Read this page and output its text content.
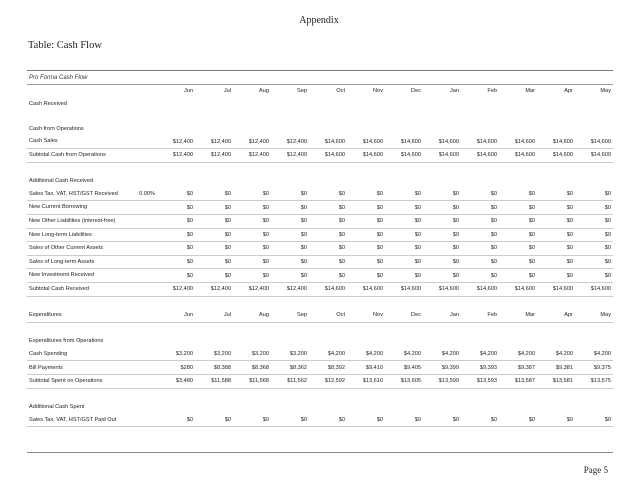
Appendix
Table: Cash Flow
Pro Forma Cash Flow
		Jun	Jul	Aug	Sep	Oct	Nov	Dec	Jan	Feb	Mar	Apr	May
Cash Received													

Cash from Operations													
Cash Sales		$12,400	$12,400	$12,400	$12,400	$14,600	$14,600	$14,600	$14,600	$14,600	$14,600	$14,600	$14,600
Subtotal Cash from Operations		$12,400	$12,400	$12,400	$12,400	$14,600	$14,600	$14,600	$14,600	$14,600	$14,600	$14,600	$14,600

Additional Cash Received													
Sales Tax, VAT, HST/GST Received	0.00%	$0	$0	$0	$0	$0	$0	$0	$0	$0	$0	$0	$0
New Current Borrowing		$0	$0	$0	$0	$0	$0	$0	$0	$0	$0	$0	$0
New Other Liabilities (interest-free)		$0	$0	$0	$0	$0	$0	$0	$0	$0	$0	$0	$0
New Long-term Liabilities		$0	$0	$0	$0	$0	$0	$0	$0	$0	$0	$0	$0
Sales of Other Current Assets		$0	$0	$0	$0	$0	$0	$0	$0	$0	$0	$0	$0
Sales of Long-term Assets		$0	$0	$0	$0	$0	$0	$0	$0	$0	$0	$0	$0
New Investment Received		$0	$0	$0	$0	$0	$0	$0	$0	$0	$0	$0	$0
Subtotal Cash Received		$12,400	$12,400	$12,400	$12,400	$14,600	$14,600	$14,600	$14,600	$14,600	$14,600	$14,600	$14,600

Expenditures		Jun	Jul	Aug	Sep	Oct	Nov	Dec	Jan	Feb	Mar	Apr	May

Expenditures from Operations													
Cash Spending		$3,200	$3,200	$3,200	$3,200	$4,200	$4,200	$4,200	$4,200	$4,200	$4,200	$4,200	$4,200
Bill Payments		$280	$8,388	$8,368	$8,362	$8,392	$9,410	$9,405	$9,399	$9,393	$9,387	$9,381	$9,375
Subtotal Spent on Operations		$3,480	$11,588	$11,568	$11,562	$12,592	$13,610	$13,605	$13,599	$13,593	$13,587	$13,581	$13,575

Additional Cash Spent													
Sales Tax, VAT, HST/GST Paid Out		$0	$0	$0	$0	$0	$0	$0	$0	$0	$0	$0	$0
Page 5
